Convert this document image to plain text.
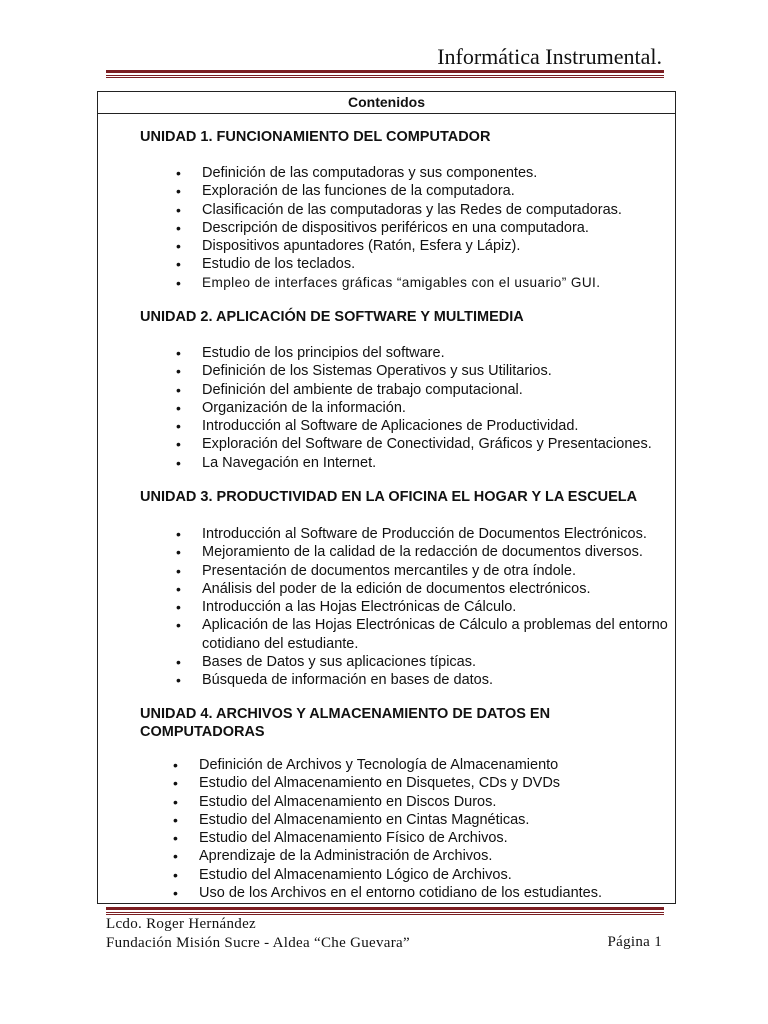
Informática Instrumental.
Contenidos
UNIDAD 1. FUNCIONAMIENTO DEL COMPUTADOR
• Definición de las computadoras y sus componentes.
• Exploración de las funciones de la computadora.
• Clasificación de las computadoras y las Redes de computadoras.
• Descripción de dispositivos periféricos en una computadora.
• Dispositivos apuntadores (Ratón, Esfera y Lápiz).
• Estudio de los teclados.
• Empleo de interfaces gráficas “amigables con el usuario” GUI.
UNIDAD 2. APLICACIÓN DE SOFTWARE Y MULTIMEDIA
• Estudio de los principios del software.
• Definición de los Sistemas Operativos y sus Utilitarios.
• Definición del ambiente de trabajo computacional.
• Organización de la información.
• Introducción al Software de Aplicaciones de Productividad.
• Exploración del Software de Conectividad, Gráficos y Presentaciones.
• La Navegación en Internet.
UNIDAD 3. PRODUCTIVIDAD EN LA OFICINA EL HOGAR Y LA ESCUELA
• Introducción al Software de Producción de Documentos Electrónicos.
• Mejoramiento de la calidad de la redacción de documentos diversos.
• Presentación de documentos mercantiles y de otra índole.
• Análisis del poder de la edición de documentos electrónicos.
• Introducción a las Hojas Electrónicas de Cálculo.
• Aplicación de las Hojas Electrónicas de Cálculo a problemas del entorno cotidiano del estudiante.
• Bases de Datos y sus aplicaciones típicas.
• Búsqueda de información en bases de datos.
UNIDAD 4. ARCHIVOS Y ALMACENAMIENTO DE DATOS EN
COMPUTADORAS
• Definición de Archivos y Tecnología de Almacenamiento
• Estudio del Almacenamiento en Disquetes, CDs y DVDs
• Estudio del Almacenamiento en Discos Duros.
• Estudio del Almacenamiento en Cintas Magnéticas.
• Estudio del Almacenamiento Físico de Archivos.
• Aprendizaje de la Administración de Archivos.
• Estudio del Almacenamiento Lógico de Archivos.
• Uso de los Archivos en el entorno cotidiano de los estudiantes.
Lcdo. Roger Hernández
Fundación Misión Sucre - Aldea “Che Guevara”	Página 1
